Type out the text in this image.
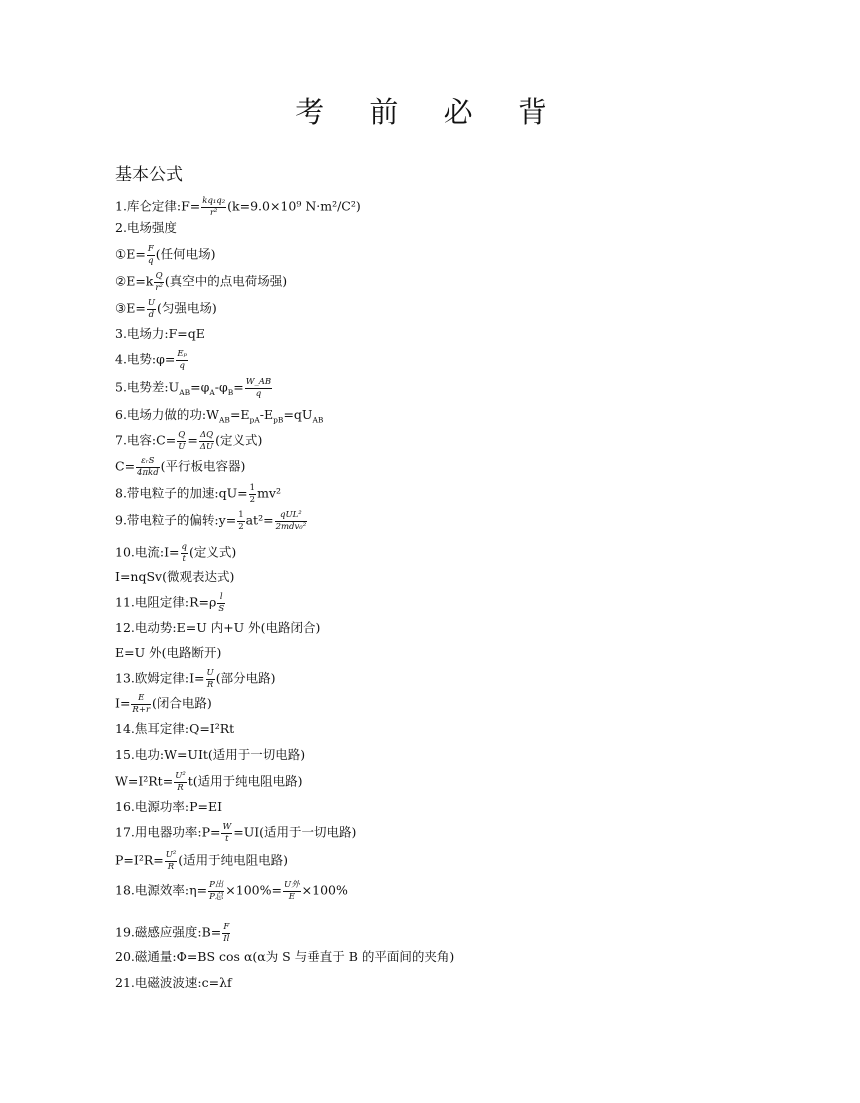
考 前 必 背
基本公式
1.库仑定律:F= $\frac{\text{kq₁q₂}}{\text{r²}} (k=9.0\times 10^9$ N·m²/C²)
2.电场强度
①E= $\frac{F}{q}$ (任何电场)
②E=k $\frac{Q}{\text{r²}}$ (真空中的点电荷场强)
③E= $\frac{U}{d}$ (匀强电场)
3.电场力:F=qE
4.电势:φ= $\frac{\text{Eₚ}}{q}$
5.电势差$:U_{AB}=\varphi_A-\varphi_B= \frac{W\_AB}{q}$
6.电场力做的功$:W_{AB}=E_{pA}-E_{pB}=qU_{AB}$
7.电容:C= $\frac{Q}{U} = \frac{\Delta Q}{\Delta U}$ (定义式)
$C= \frac{\text{εᵣS}}{\text{4πkd}}$ (平行板电容器)
8.带电粒子的加速:qU= $\frac{1}{2} mv^2$
9.带电粒子的偏转:y= $\frac{1}{2} at^2= \frac{\text{qUL²}}{\text{2mdv₀²}}$
10.电流:I= $\frac{q}{t}$ (定义式)
I=nqSv(微观表达式)
11.电阻定律:R=ρ $\frac{l}{S}$
12.电动势:E=U 内+U 外(电路闭合)
E=U 外(电路断开)
13.欧姆定律:I= $\frac{U}{R}$ (部分电路)
$I= \frac{E}{R+r}$ (闭合电路)
14.焦耳定律:Q=I²Rt
15.电功:W=UIt(适用于一切电路)
$W=I^2Rt= \frac{\text{U²}}{R} t$(适用于纯电阻电路)
16.电源功率:P=EI
17.用电器功率:P= $\frac{W}{t} =UI$(适用于一切电路)
$P=I^2R= \frac{\text{U²}}{R}$ (适用于纯电阻电路)
18.电源效率:η= $\frac{\text{P出}}{\text{P总}} \times 100\%= \frac{\text{U外}}{E} \times 100\%$
19.磁感应强度:B= $\frac{F}{Il}$
20.磁通量:Φ=BS cos α(α为 S 与垂直于 B 的平面间的夹角)
21.电磁波波速:c=λf
